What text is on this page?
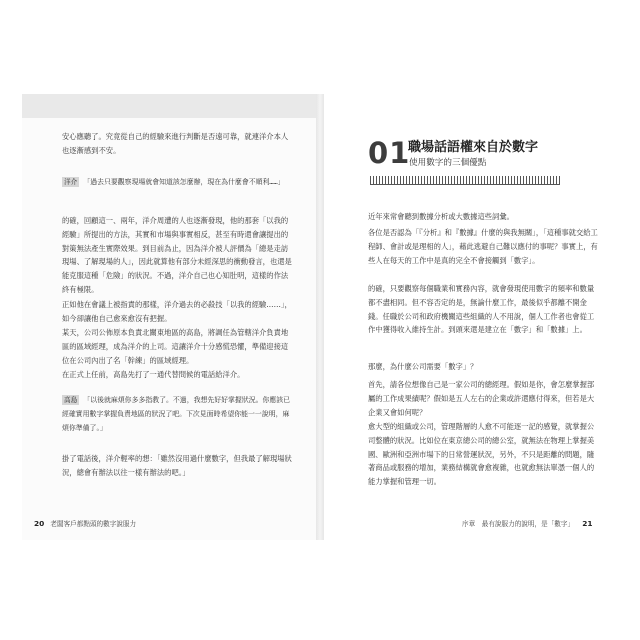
安心應聽了。究竟從自己的經驗來進行判斷是否遠可靠，就連洋介本人也逐漸感到不安。

洋介 「過去只要觀察現場就會知道該怎麼辦，現在為什麼會不順利……」

的確，回顧這一、兩年，洋介周遭的人也逐漸發現，他的那套「以我的經驗」所提出的方法，其實和市場與事實相反，甚至有時還會讓提出的對策無法產生實際效果。到目前為止，因為洋介被人評價為「總是走訪現場、了解現場的人」，因此就算他有部分未經深思的衝動發言，也還是能克服這種「危險」的狀況。不過，洋介自己也心知肚明，這樣的作法終有極限。

正如他在會議上被指責的那樣，洋介過去的必殺技「以我的經驗……」，如今卻讓他自己愈來愈沒有把握。

某天，公司公佈原本負責北關東地區的高島，將調任為管轄洋介負責地區的區域經理，成為洋介的上司。這讓洋介十分感慌恐懼，準備迎接這位在公司內出了名「幹練」的區域經理。

在正式上任前，高島先打了一通代替問候的電話給洋介。

高島 「以後就麻煩你多多指教了。不過，我想先好好掌握狀況。你應該已經確實用數字掌握負責地區的狀況了吧。下次見面時希望你能一一說明，麻煩你準備了。」

掛了電話後，洋介輕率的想：「雖然沒用過什麼數字，但我最了解現場狀況，總會有辦法以往一樣有辦法的吧。」

20 老闆客戶都點頭的數字說服力
01
職場話語權來自於數字
使用數字的三個優點

近年來常會聽到數據分析或大數據這些詞彙。

各位是否認為「『分析』和『數據』什麼的與我無關」，「這種事就交給工程師、會計或是理相的人」，藉此逃避自己難以應付的事呢？事實上，有些人在每天的工作中是真的完全不會接觸到「數字」。

的確，只要觀察每個職業和實務內容，就會發現使用數字的頻率和數量都不盡相同。但不容否定的是，無論什麼工作，最後似乎都離不開金錢。任職於公司和政府機關這些組織的人不用說，個人工作者也會從工作中獲得收入維持生計。到頭來還是建立在「數字」和「數據」上。

那麼，為什麼公司需要「數字」？

首先，請各位想像自己是一家公司的總經理。假如是你，會怎麼掌握部屬的工作成果績呢？假如是五人左右的企業或許還應付得來，但若是大企業又會如何呢？

愈大型的組織或公司，管理階層的人愈不可能逐一記的感覺，就掌握公司整體的狀況。比如位在東京總公司的總公室，就無法在物理上掌握美國、歐洲和亞洲市場下的日常營運狀況，另外，不只是距離的問題，隨著商品或服務的增加，業務結構就會愈複雜，也就愈無法單憑一個人的能力掌握和管理一切。

序章　最有說服力的說明，是「數字」 21
